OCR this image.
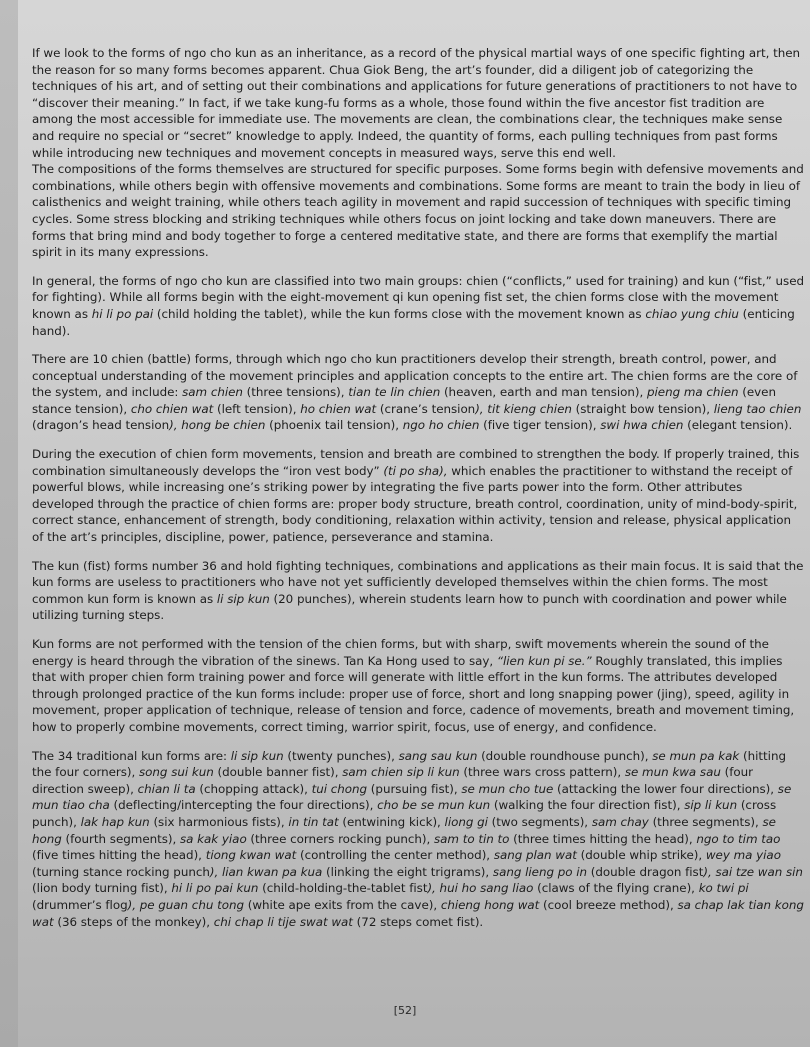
If we look to the forms of ngo cho kun as an inheritance, as a record of the physical martial ways of one specific fighting art, then the reason for so many forms becomes apparent. Chua Giok Beng, the art’s founder, did a diligent job of categorizing the techniques of his art, and of setting out their combinations and applications for future generations of practitioners to not have to “discover their meaning.” In fact, if we take kung-fu forms as a whole, those found within the five ancestor fist tradition are among the most accessible for immediate use. The movements are clean, the combinations clear, the techniques make sense and require no special or “secret” knowledge to apply. Indeed, the quantity of forms, each pulling techniques from past forms while introducing new techniques and movement concepts in measured ways, serve this end well.

The compositions of the forms themselves are structured for specific purposes. Some forms begin with defensive movements and combinations, while others begin with offensive movements and combinations. Some forms are meant to train the body in lieu of calisthenics and weight training, while others teach agility in movement and rapid succession of techniques with specific timing cycles. Some stress blocking and striking techniques while others focus on joint locking and take down maneuvers. There are forms that bring mind and body together to forge a centered meditative state, and there are forms that exemplify the martial spirit in its many expressions.

In general, the forms of ngo cho kun are classified into two main groups: chien (“conflicts,” used for training) and kun (“fist,” used for fighting). While all forms begin with the eight-movement qi kun opening fist set, the chien forms close with the movement known as hi li po pai (child holding the tablet), while the kun forms close with the movement known as chiao yung chiu (enticing hand).

There are 10 chien (battle) forms, through which ngo cho kun practitioners develop their strength, breath control, power, and conceptual understanding of the movement principles and application concepts to the entire art. The chien forms are the core of the system, and include: sam chien (three tensions), tian te lin chien (heaven, earth and man tension), pieng ma chien (even stance tension), cho chien wat (left tension), ho chien wat (crane’s tension), tit kieng chien (straight bow tension), lieng tao chien (dragon’s head tension), hong be chien (phoenix tail tension), ngo ho chien (five tiger tension), swi hwa chien (elegant tension).

During the execution of chien form movements, tension and breath are combined to strengthen the body. If properly trained, this combination simultaneously develops the “iron vest body” (ti po sha), which enables the practitioner to withstand the receipt of powerful blows, while increasing one’s striking power by integrating the five parts power into the form. Other attributes developed through the practice of chien forms are: proper body structure, breath control, coordination, unity of mind-body-spirit, correct stance, enhancement of strength, body conditioning, relaxation within activity, tension and release, physical application of the art’s principles, discipline, power, patience, perseverance and stamina.

The kun (fist) forms number 36 and hold fighting techniques, combinations and applications as their main focus. It is said that the kun forms are useless to practitioners who have not yet sufficiently developed themselves within the chien forms. The most common kun form is known as li sip kun (20 punches), wherein students learn how to punch with coordination and power while utilizing turning steps.

Kun forms are not performed with the tension of the chien forms, but with sharp, swift movements wherein the sound of the energy is heard through the vibration of the sinews. Tan Ka Hong used to say, “lien kun pi se.” Roughly translated, this implies that with proper chien form training power and force will generate with little effort in the kun forms. The attributes developed through prolonged practice of the kun forms include: proper use of force, short and long snapping power (jing), speed, agility in movement, proper application of technique, release of tension and force, cadence of movements, breath and movement timing, how to properly combine movements, correct timing, warrior spirit, focus, use of energy, and confidence.

The 34 traditional kun forms are: li sip kun (twenty punches), sang sau kun (double roundhouse punch), se mun pa kak (hitting the four corners), song sui kun (double banner fist), sam chien sip li kun (three wars cross pattern), se mun kwa sau (four direction sweep), chian li ta (chopping attack), tui chong (pursuing fist), se mun cho tue (attacking the lower four directions), se mun tiao cha (deflecting/intercepting the four directions), cho be se mun kun (walking the four direction fist), sip li kun (cross punch), lak hap kun (six harmonious fists), in tin tat (entwining kick), liong gi (two segments), sam chay (three segments), se hong (fourth segments), sa kak yiao (three corners rocking punch), sam to tin to (three times hitting the head), ngo to tim tao (five times hitting the head), tiong kwan wat (controlling the center method), sang plan wat (double whip strike), wey ma yiao (turning stance rocking punch), lian kwan pa kua (linking the eight trigrams), sang lieng po in (double dragon fist), sai tze wan sin (lion body turning fist), hi li po pai kun (child-holding-the-tablet fist), hui ho sang liao (claws of the flying crane), ko twi pi (drummer’s flog), pe guan chu tong (white ape exits from the cave), chieng hong wat (cool breeze method), sa chap lak tian kong wat (36 steps of the monkey), chi chap li tije swat wat (72 steps comet fist).

[52]
